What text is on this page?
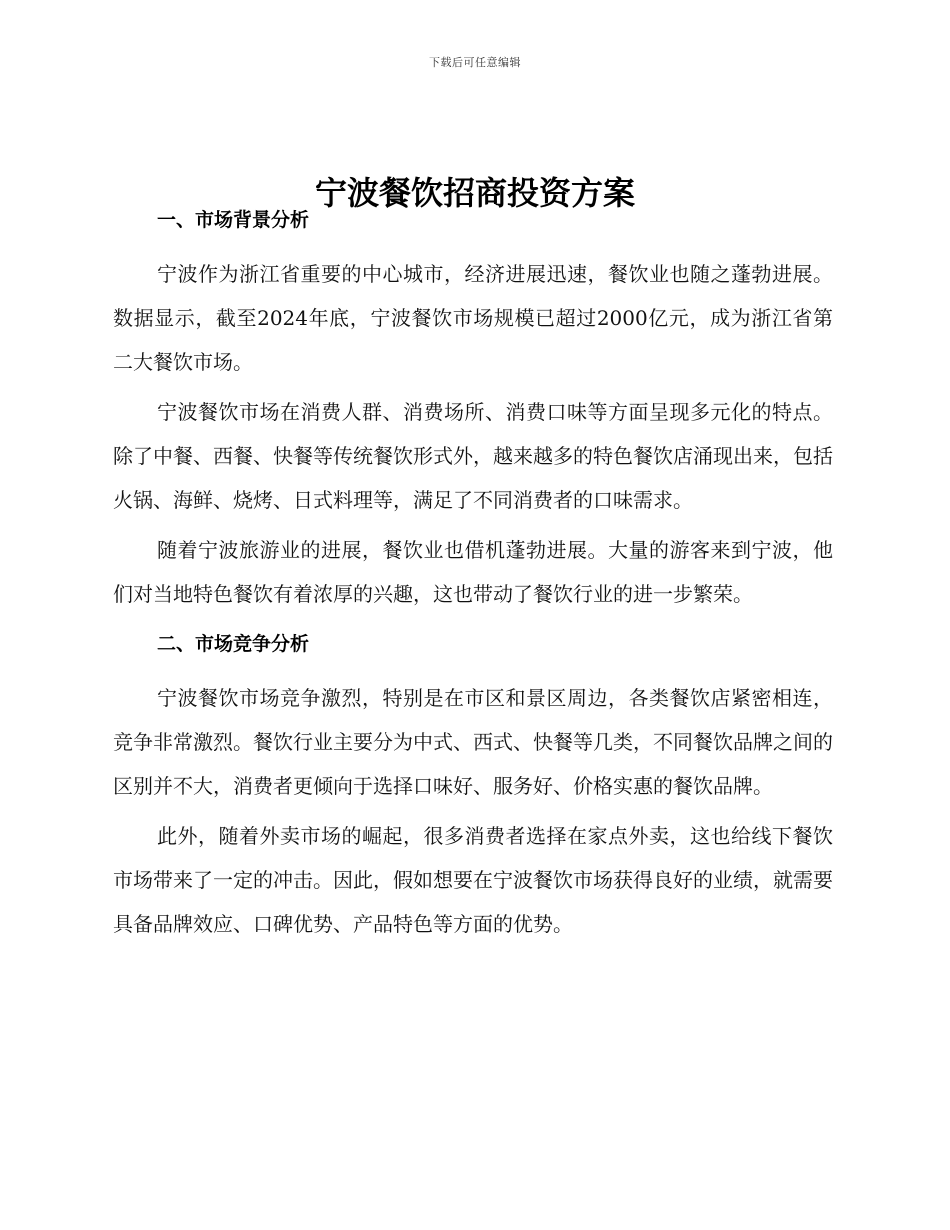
下载后可任意编辑
宁波餐饮招商投资方案
一、市场背景分析

宁波作为浙江省重要的中心城市，经济进展迅速，餐饮业也随之蓬勃进展。数据显示，截至2024年底，宁波餐饮市场规模已超过2000亿元，成为浙江省第二大餐饮市场。

宁波餐饮市场在消费人群、消费场所、消费口味等方面呈现多元化的特点。除了中餐、西餐、快餐等传统餐饮形式外，越来越多的特色餐饮店涌现出来，包括火锅、海鲜、烧烤、日式料理等，满足了不同消费者的口味需求。

随着宁波旅游业的进展，餐饮业也借机蓬勃进展。大量的游客来到宁波，他们对当地特色餐饮有着浓厚的兴趣，这也带动了餐饮行业的进一步繁荣。

二、市场竞争分析

宁波餐饮市场竞争激烈，特别是在市区和景区周边，各类餐饮店紧密相连，竞争非常激烈。餐饮行业主要分为中式、西式、快餐等几类，不同餐饮品牌之间的区别并不大，消费者更倾向于选择口味好、服务好、价格实惠的餐饮品牌。

此外，随着外卖市场的崛起，很多消费者选择在家点外卖，这也给线下餐饮市场带来了一定的冲击。因此，假如想要在宁波餐饮市场获得良好的业绩，就需要具备品牌效应、口碑优势、产品特色等方面的优势。
